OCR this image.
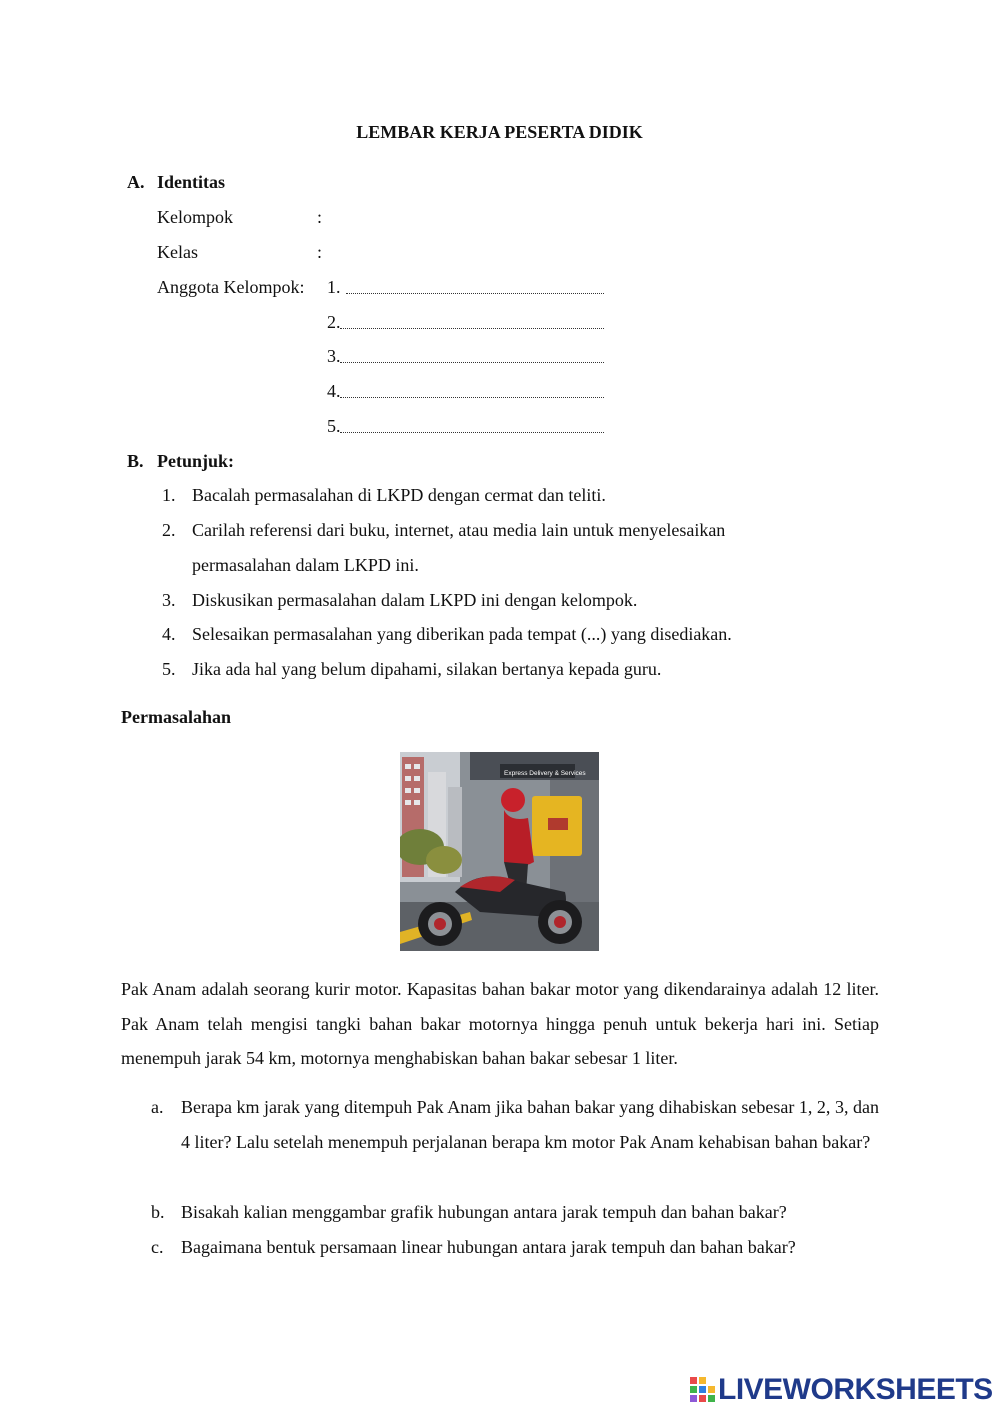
LEMBAR KERJA PESERTA DIDIK
A. Identitas
Kelompok	:
Kelas	:
Anggota Kelompok: 1.
2.
3.
4.
5.
B. Petunjuk:
1. Bacalah permasalahan di LKPD dengan cermat dan teliti.
2. Carilah referensi dari buku, internet, atau media lain untuk menyelesaikan
permasalahan dalam LKPD ini.
3. Diskusikan permasalahan dalam LKPD ini dengan kelompok.
4. Selesaikan permasalahan yang diberikan pada tempat (...) yang disediakan.
5. Jika ada hal yang belum dipahami, silakan bertanya kepada guru.
Permasalahan
Express Delivery & Services
Pak Anam adalah seorang kurir motor. Kapasitas bahan bakar motor yang dikendarainya adalah 12 liter. Pak Anam telah mengisi tangki bahan bakar motornya hingga penuh untuk bekerja hari ini. Setiap menempuh jarak 54 km, motornya menghabiskan bahan bakar sebesar 1 liter.
a. Berapa km jarak yang ditempuh Pak Anam jika bahan bakar yang dihabiskan sebesar 1, 2, 3, dan 4 liter? Lalu setelah menempuh perjalanan berapa km motor Pak Anam kehabisan bahan bakar?
b. Bisakah kalian menggambar grafik hubungan antara jarak tempuh dan bahan bakar?
c. Bagaimana bentuk persamaan linear hubungan antara jarak tempuh dan bahan bakar?
LIVEWORKSHEETS
